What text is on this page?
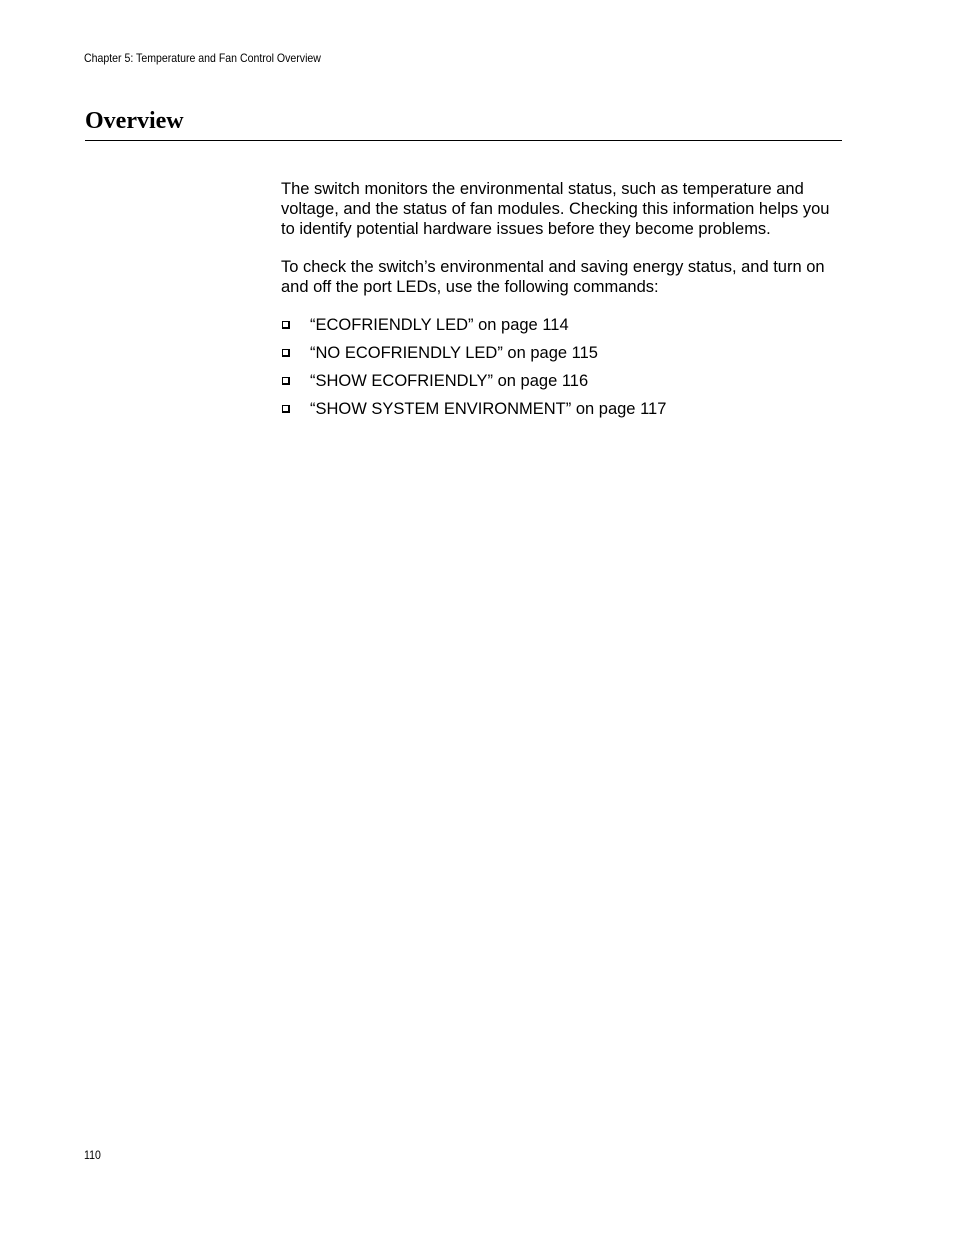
Chapter 5: Temperature and Fan Control Overview
Overview

The switch monitors the environmental status, such as temperature and voltage, and the status of fan modules. Checking this information helps you to identify potential hardware issues before they become problems.

To check the switch’s environmental and saving energy status, and turn on and off the port LEDs, use the following commands:

“ECOFRIENDLY LED” on page 114
“NO ECOFRIENDLY LED” on page 115
“SHOW ECOFRIENDLY” on page 116
“SHOW SYSTEM ENVIRONMENT” on page 117
110
